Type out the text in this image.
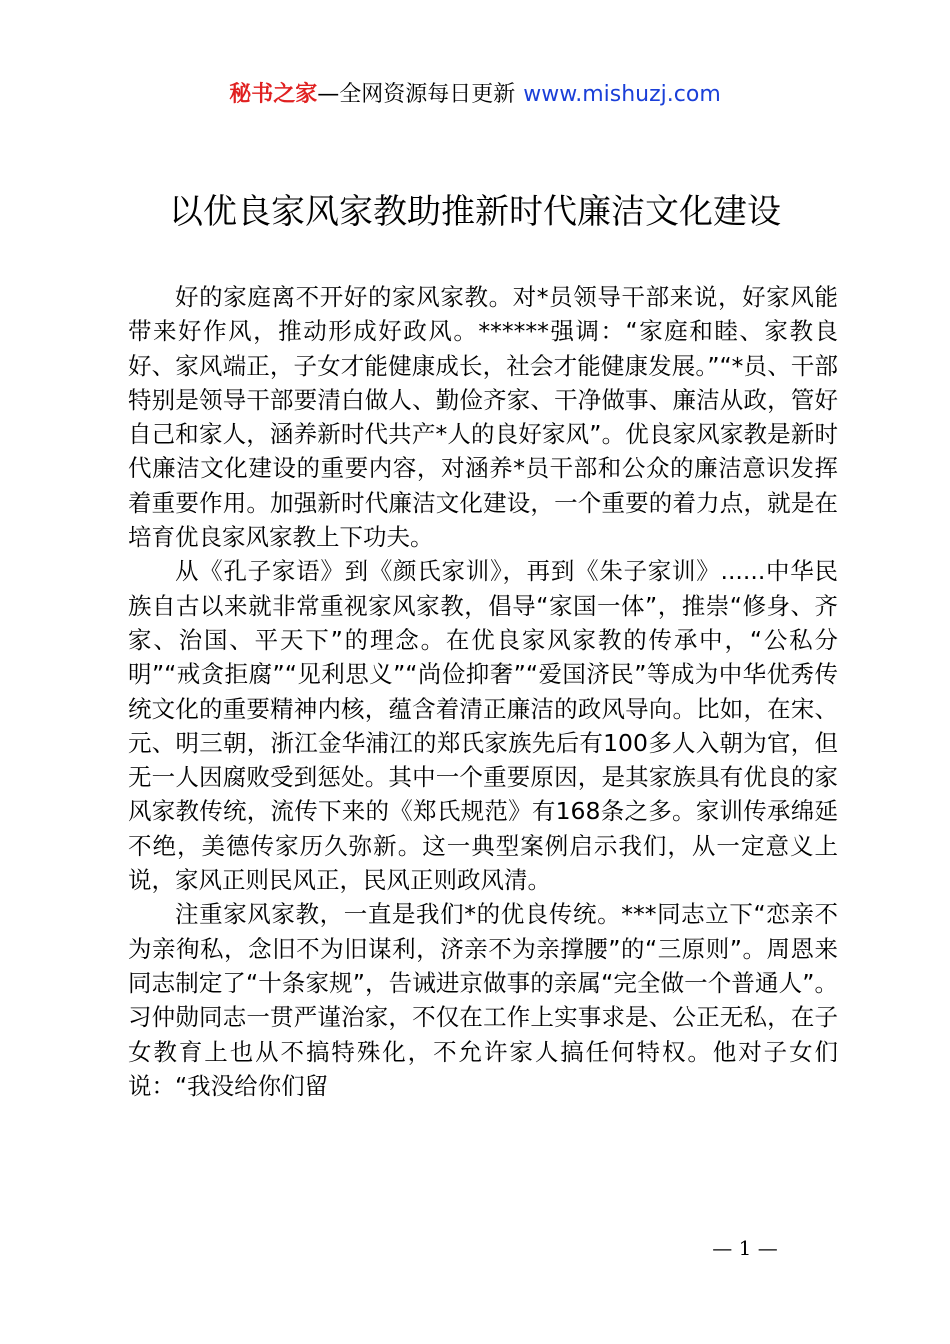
秘书之家—全网资源每日更新 www.mishuzj.com
以优良家风家教助推新时代廉洁文化建设

好的家庭离不开好的家风家教。对*员领导干部来说，好家风能带来好作风，推动形成好政风。******强调：“家庭和睦、家教良好、家风端正，子女才能健康成长，社会才能健康发展。”“*员、干部特别是领导干部要清白做人、勤俭齐家、干净做事、廉洁从政，管好自己和家人，涵养新时代共产*人的良好家风”。优良家风家教是新时代廉洁文化建设的重要内容，对涵养*员干部和公众的廉洁意识发挥着重要作用。加强新时代廉洁文化建设，一个重要的着力点，就是在培育优良家风家教上下功夫。

从《孔子家语》到《颜氏家训》，再到《朱子家训》......中华民族自古以来就非常重视家风家教，倡导“家国一体”，推崇“修身、齐家、治国、平天下”的理念。在优良家风家教的传承中，“公私分明”“戒贪拒腐”“见利思义”“尚俭抑奢”“爱国济民”等成为中华优秀传统文化的重要精神内核，蕴含着清正廉洁的政风导向。比如，在宋、元、明三朝，浙江金华浦江的郑氏家族先后有100多人入朝为官，但无一人因腐败受到惩处。其中一个重要原因，是其家族具有优良的家风家教传统，流传下来的《郑氏规范》有168条之多。家训传承绵延不绝，美德传家历久弥新。这一典型案例启示我们，从一定意义上说，家风正则民风正，民风正则政风清。

注重家风家教，一直是我们*的优良传统。***同志立下“恋亲不为亲徇私，念旧不为旧谋利，济亲不为亲撑腰”的“三原则”。周恩来同志制定了“十条家规”，告诫进京做事的亲属“完全做一个普通人”。习仲勋同志一贯严谨治家，不仅在工作上实事求是、公正无私，在子女教育上也从不搞特殊化，不允许家人搞任何特权。他对子女们说：“我没给你们留

— 1 —
